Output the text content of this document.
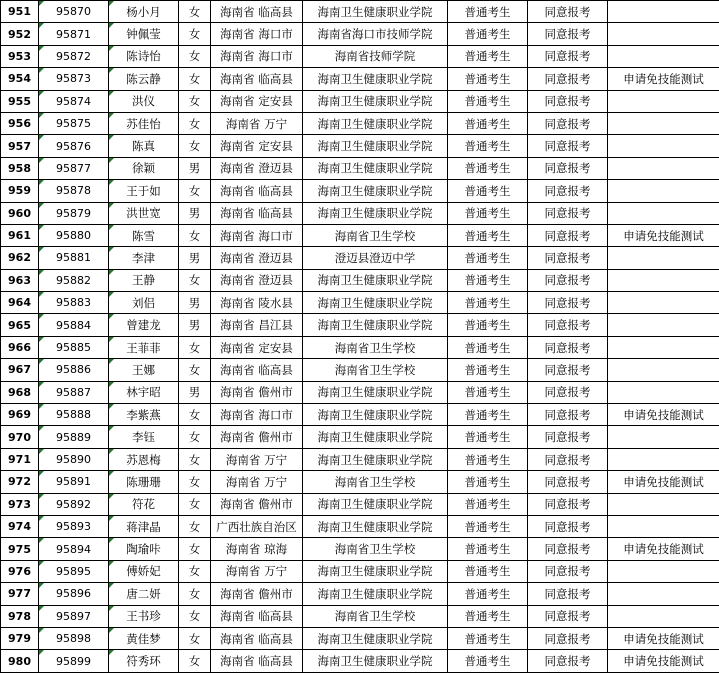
951	95870	杨小月	女	海南省 临高县	海南卫生健康职业学院	普通考生	同意报考	
952	95871	钟佩莹	女	海南省 海口市	海南省海口市技师学院	普通考生	同意报考	
953	95872	陈诗怡	女	海南省 海口市	海南省技师学院	普通考生	同意报考	
954	95873	陈云静	女	海南省 临高县	海南卫生健康职业学院	普通考生	同意报考	申请免技能测试
955	95874	洪仪	女	海南省 定安县	海南卫生健康职业学院	普通考生	同意报考	
956	95875	苏佳怡	女	海南省 万宁	海南卫生健康职业学院	普通考生	同意报考	
957	95876	陈真	女	海南省 定安县	海南卫生健康职业学院	普通考生	同意报考	
958	95877	徐颖	男	海南省 澄迈县	海南卫生健康职业学院	普通考生	同意报考	
959	95878	王于如	女	海南省 临高县	海南卫生健康职业学院	普通考生	同意报考	
960	95879	洪世宽	男	海南省 临高县	海南卫生健康职业学院	普通考生	同意报考	
961	95880	陈雪	女	海南省 海口市	海南省卫生学校	普通考生	同意报考	申请免技能测试
962	95881	李津	男	海南省 澄迈县	澄迈县澄迈中学	普通考生	同意报考	
963	95882	王静	女	海南省 澄迈县	海南卫生健康职业学院	普通考生	同意报考	
964	95883	刘侣	男	海南省 陵水县	海南卫生健康职业学院	普通考生	同意报考	
965	95884	曾建龙	男	海南省 昌江县	海南卫生健康职业学院	普通考生	同意报考	
966	95885	王菲菲	女	海南省 定安县	海南省卫生学校	普通考生	同意报考	
967	95886	王娜	女	海南省 临高县	海南省卫生学校	普通考生	同意报考	
968	95887	林宇昭	男	海南省 儋州市	海南卫生健康职业学院	普通考生	同意报考	
969	95888	李紫燕	女	海南省 海口市	海南卫生健康职业学院	普通考生	同意报考	申请免技能测试
970	95889	李钰	女	海南省 儋州市	海南卫生健康职业学院	普通考生	同意报考	
971	95890	苏恩梅	女	海南省 万宁	海南卫生健康职业学院	普通考生	同意报考	
972	95891	陈珊珊	女	海南省 万宁	海南省卫生学校	普通考生	同意报考	申请免技能测试
973	95892	符花	女	海南省 儋州市	海南卫生健康职业学院	普通考生	同意报考	
974	95893	蒋津晶	女	广西壮族自治区	海南卫生健康职业学院	普通考生	同意报考	
975	95894	陶瑜咔	女	海南省 琼海	海南省卫生学校	普通考生	同意报考	申请免技能测试
976	95895	傅娇妃	女	海南省 万宁	海南卫生健康职业学院	普通考生	同意报考	
977	95896	唐二妍	女	海南省 儋州市	海南卫生健康职业学院	普通考生	同意报考	
978	95897	王书珍	女	海南省 临高县	海南省卫生学校	普通考生	同意报考	
979	95898	黄佳梦	女	海南省 临高县	海南卫生健康职业学院	普通考生	同意报考	申请免技能测试
980	95899	符秀环	女	海南省 临高县	海南卫生健康职业学院	普通考生	同意报考	申请免技能测试
